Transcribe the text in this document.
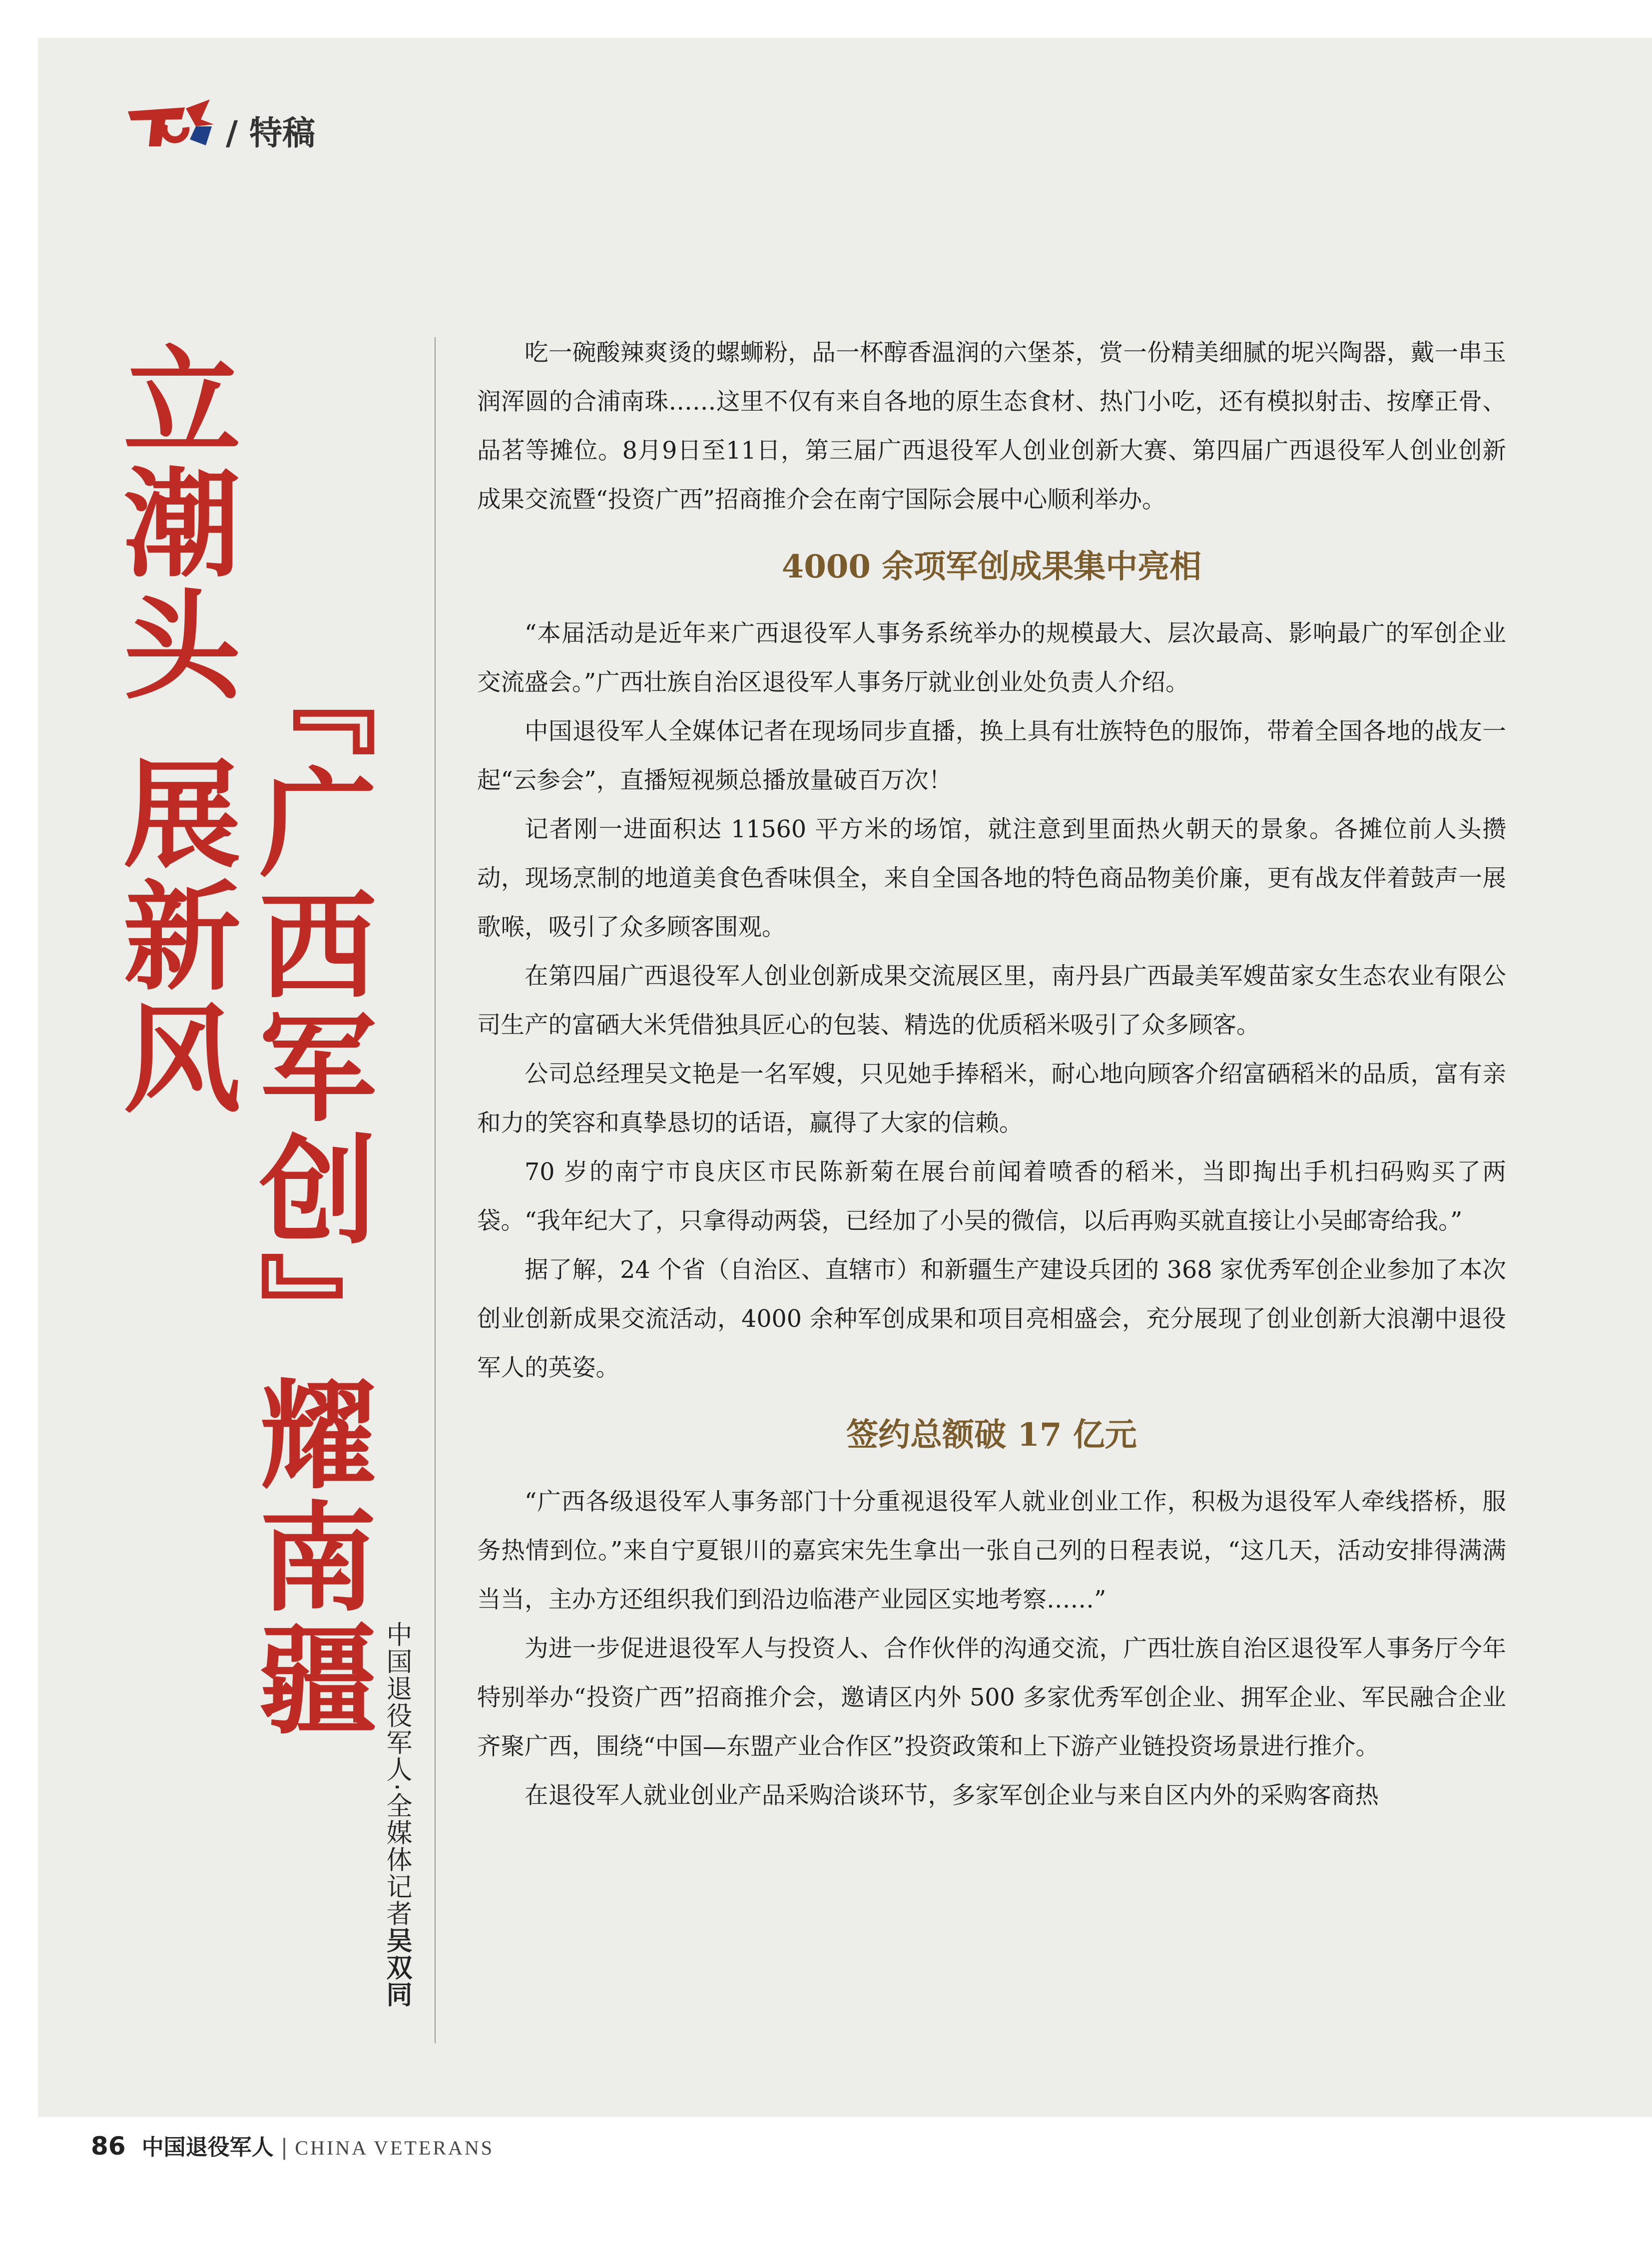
/ 特稿
立潮头 展新风
『广西军创』耀南疆
中国退役军人·全媒体记者吴双同

吃一碗酸辣爽烫的螺蛳粉，品一杯醇香温润的六堡茶，赏一份精美细腻的坭兴陶器，戴一串玉润浑圆的合浦南珠……这里不仅有来自各地的原生态食材、热门小吃，还有模拟射击、按摩正骨、品茗等摊位。8月9日至11日，第三届广西退役军人创业创新大赛、第四届广西退役军人创业创新成果交流暨“投资广西”招商推介会在南宁国际会展中心顺利举办。

4000 余项军创成果集中亮相

“本届活动是近年来广西退役军人事务系统举办的规模最大、层次最高、影响最广的军创企业交流盛会。”广西壮族自治区退役军人事务厅就业创业处负责人介绍。

中国退役军人全媒体记者在现场同步直播，换上具有壮族特色的服饰，带着全国各地的战友一起“云参会”，直播短视频总播放量破百万次！

记者刚一进面积达 11560 平方米的场馆，就注意到里面热火朝天的景象。各摊位前人头攒动，现场烹制的地道美食色香味俱全，来自全国各地的特色商品物美价廉，更有战友伴着鼓声一展歌喉，吸引了众多顾客围观。

在第四届广西退役军人创业创新成果交流展区里，南丹县广西最美军嫂苗家女生态农业有限公司生产的富硒大米凭借独具匠心的包装、精选的优质稻米吸引了众多顾客。

公司总经理吴文艳是一名军嫂，只见她手捧稻米，耐心地向顾客介绍富硒稻米的品质，富有亲和力的笑容和真挚恳切的话语，赢得了大家的信赖。

70 岁的南宁市良庆区市民陈新菊在展台前闻着喷香的稻米，当即掏出手机扫码购买了两袋。“我年纪大了，只拿得动两袋，已经加了小吴的微信，以后再购买就直接让小吴邮寄给我。”

据了解，24 个省（自治区、直辖市）和新疆生产建设兵团的 368 家优秀军创企业参加了本次创业创新成果交流活动，4000 余种军创成果和项目亮相盛会，充分展现了创业创新大浪潮中退役军人的英姿。

签约总额破 17 亿元

“广西各级退役军人事务部门十分重视退役军人就业创业工作，积极为退役军人牵线搭桥，服务热情到位。”来自宁夏银川的嘉宾宋先生拿出一张自己列的日程表说，“这几天，活动安排得满满当当，主办方还组织我们到沿边临港产业园区实地考察……”

为进一步促进退役军人与投资人、合作伙伴的沟通交流，广西壮族自治区退役军人事务厅今年特别举办“投资广西”招商推介会，邀请区内外 500 多家优秀军创企业、拥军企业、军民融合企业齐聚广西，围绕“中国—东盟产业合作区”投资政策和上下游产业链投资场景进行推介。

在退役军人就业创业产品采购洽谈环节，多家军创企业与来自区内外的采购客商热

86 中国退役军人 | CHINA VETERANS
